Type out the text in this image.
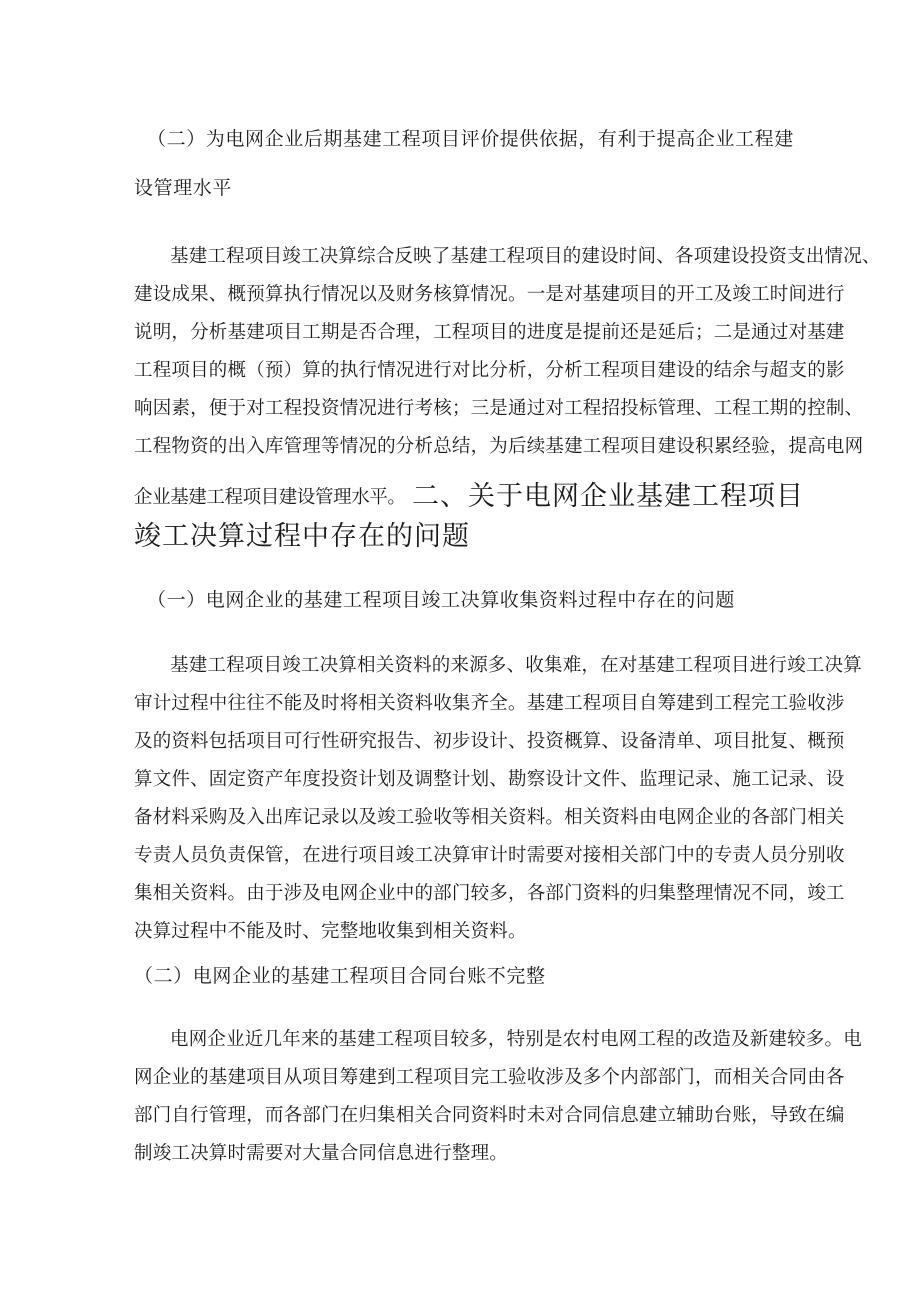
（二）为电网企业后期基建工程项目评价提供依据，有利于提高企业工程建
设管理水平
基建工程项目竣工决算综合反映了基建工程项目的建设时间、各项建设投资支出情况、
建设成果、概预算执行情况以及财务核算情况。一是对基建项目的开工及竣工时间进行
说明，分析基建项目工期是否合理，工程项目的进度是提前还是延后；二是通过对基建
工程项目的概（预）算的执行情况进行对比分析，分析工程项目建设的结余与超支的影
响因素，便于对工程投资情况进行考核；三是通过对工程招投标管理、工程工期的控制、
工程物资的出入库管理等情况的分析总结，为后续基建工程项目建设积累经验，提高电网
企业基建工程项目建设管理水平。 二、关于电网企业基建工程项目
竣工决算过程中存在的问题
（一）电网企业的基建工程项目竣工决算收集资料过程中存在的问题
基建工程项目竣工决算相关资料的来源多、收集难，在对基建工程项目进行竣工决算
审计过程中往往不能及时将相关资料收集齐全。基建工程项目自筹建到工程完工验收涉
及的资料包括项目可行性研究报告、初步设计、投资概算、设备清单、项目批复、概预
算文件、固定资产年度投资计划及调整计划、勘察设计文件、监理记录、施工记录、设
备材料采购及入出库记录以及竣工验收等相关资料。相关资料由电网企业的各部门相关
专责人员负责保管，在进行项目竣工决算审计时需要对接相关部门中的专责人员分别收
集相关资料。由于涉及电网企业中的部门较多，各部门资料的归集整理情况不同，竣工
决算过程中不能及时、完整地收集到相关资料。
（二）电网企业的基建工程项目合同台账不完整
电网企业近几年来的基建工程项目较多，特别是农村电网工程的改造及新建较多。电
网企业的基建项目从项目筹建到工程项目完工验收涉及多个内部部门，而相关合同由各
部门自行管理，而各部门在归集相关合同资料时未对合同信息建立辅助台账，导致在编
制竣工决算时需要对大量合同信息进行整理。
